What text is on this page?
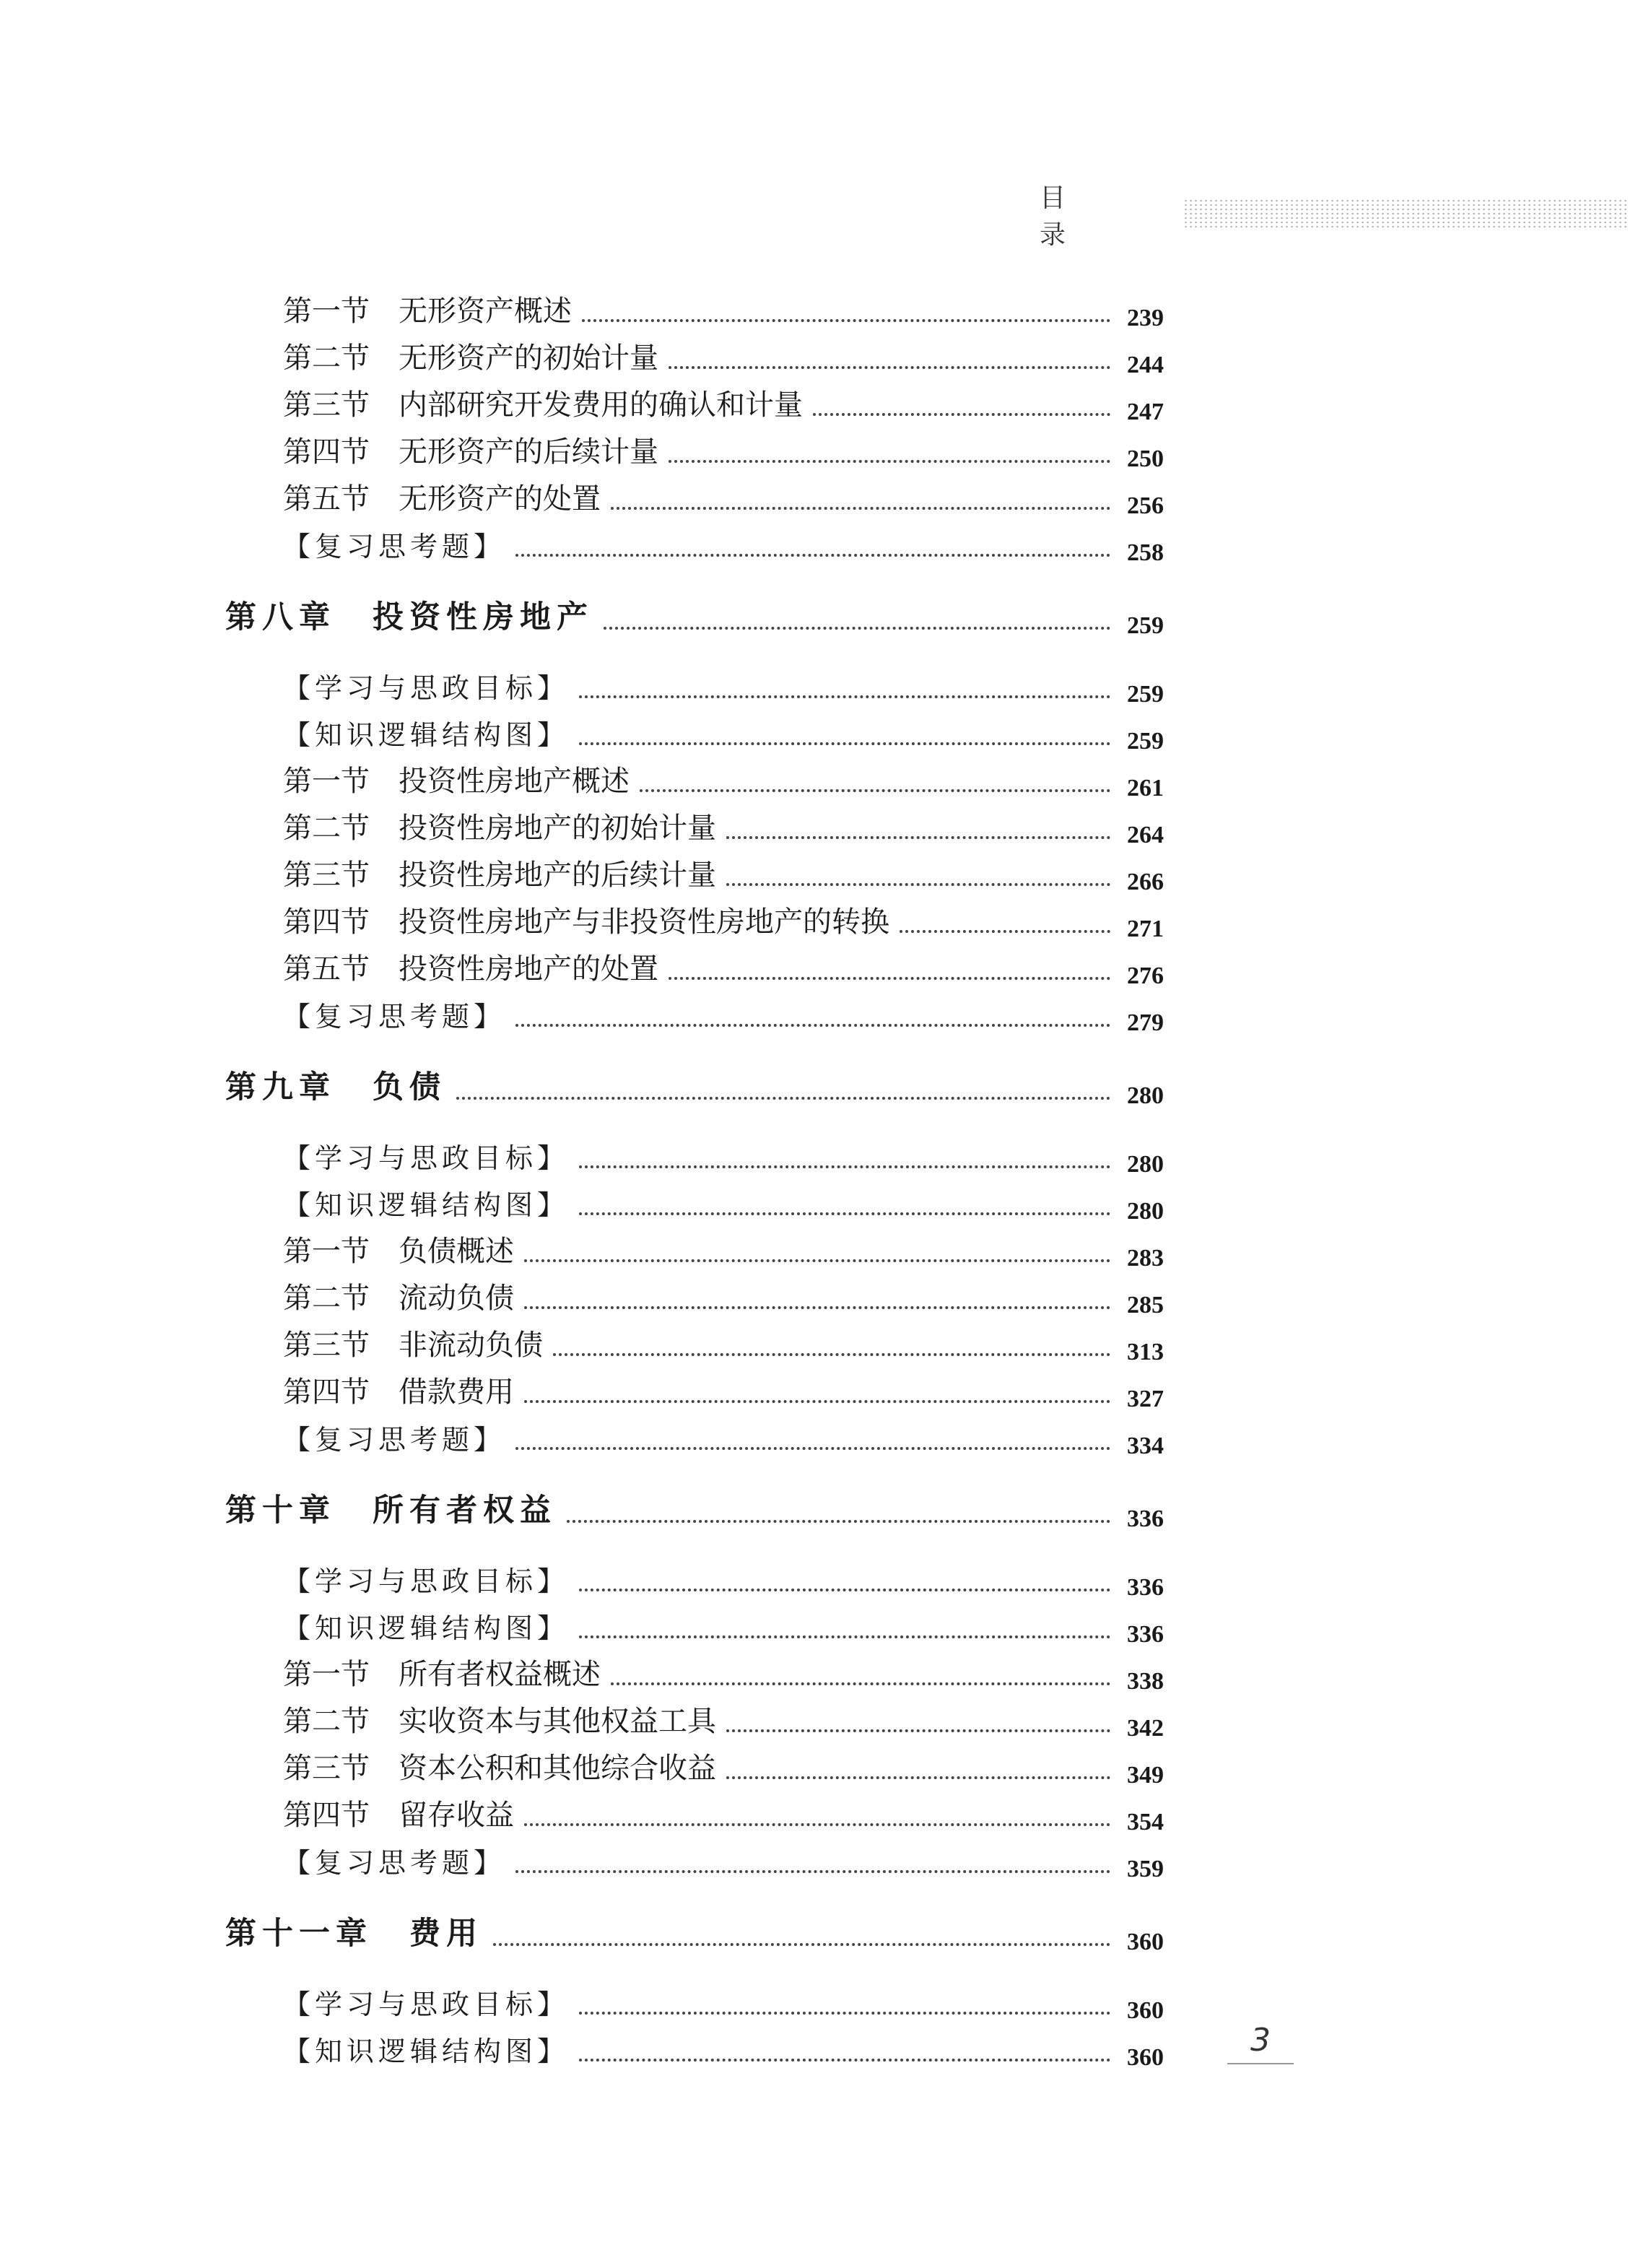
目 录
第一节　无形资产概述	239
第二节　无形资产的初始计量	244
第三节　内部研究开发费用的确认和计量	247
第四节　无形资产的后续计量	250
第五节　无形资产的处置	256
【复习思考题】	258
第八章　投资性房地产	259
【学习与思政目标】	259
【知识逻辑结构图】	259
第一节　投资性房地产概述	261
第二节　投资性房地产的初始计量	264
第三节　投资性房地产的后续计量	266
第四节　投资性房地产与非投资性房地产的转换	271
第五节　投资性房地产的处置	276
【复习思考题】	279
第九章　负债	280
【学习与思政目标】	280
【知识逻辑结构图】	280
第一节　负债概述	283
第二节　流动负债	285
第三节　非流动负债	313
第四节　借款费用	327
【复习思考题】	334
第十章　所有者权益	336
【学习与思政目标】	336
【知识逻辑结构图】	336
第一节　所有者权益概述	338
第二节　实收资本与其他权益工具	342
第三节　资本公积和其他综合收益	349
第四节　留存收益	354
【复习思考题】	359
第十一章　费用	360
【学习与思政目标】	360
【知识逻辑结构图】	360	3
